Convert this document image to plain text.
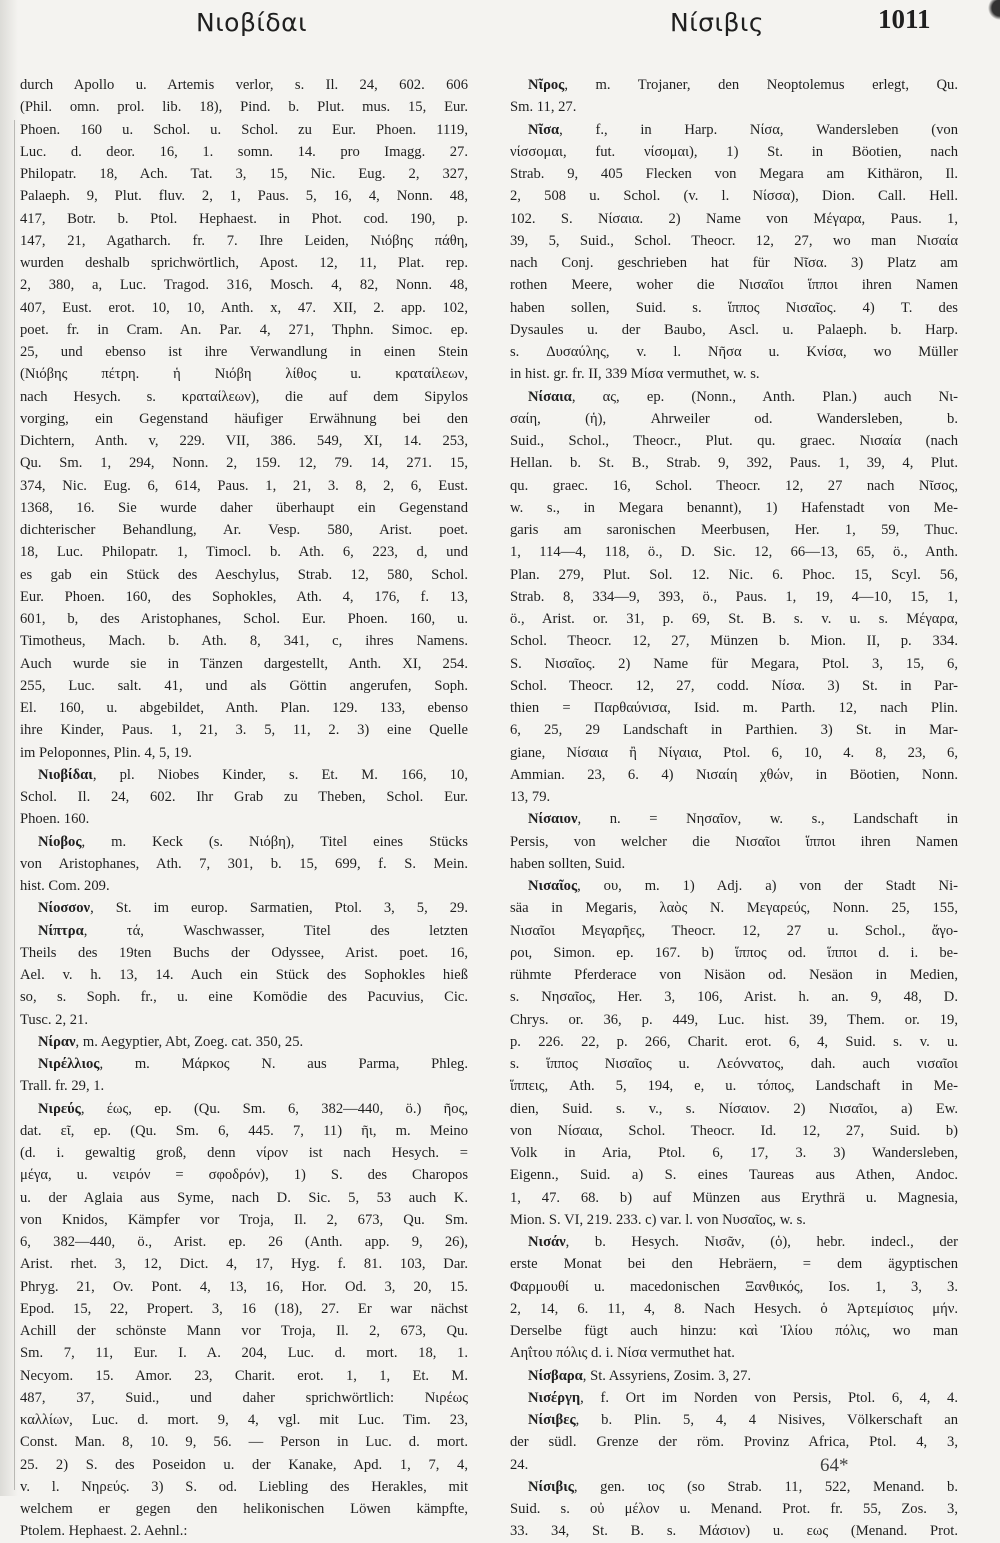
Νιοβίδαι	Νίσιβις	1011
durch Apollo u. Artemis verlor, s. Il. 24, 602. 606
(Phil. omn. prol. lib. 18), Pind. b. Plut. mus. 15, Eur.
Phoen. 160 u. Schol. u. Schol. zu Eur. Phoen. 1119,
Luc. d. deor. 16, 1. somn. 14. pro Imagg. 27.
Philopatr. 18, Ach. Tat. 3, 15, Nic. Eug. 2, 327,
Palaeph. 9, Plut. fluv. 2, 1, Paus. 5, 16, 4, Nonn. 48,
417, Botr. b. Ptol. Hephaest. in Phot. cod. 190, p.
147, 21, Agatharch. fr. 7. Ihre Leiden, Νιόβης πάθη,
wurden deshalb sprichwörtlich, Apost. 12, 11, Plat. rep.
2, 380, a, Luc. Tragod. 316, Mosch. 4, 82, Nonn. 48,
407, Eust. erot. 10, 10, Anth. x, 47. XII, 2. app. 102,
poet. fr. in Cram. An. Par. 4, 271, Thphn. Simoc. ep.
25, und ebenso ist ihre Verwandlung in einen Stein
(Νιόβης πέτρη. ἡ Νιόβη λίθος u. κραταίλεων,
nach Hesych. s. κραταίλεων), die auf dem Sipylos
vorging, ein Gegenstand häufiger Erwähnung bei den
Dichtern, Anth. v, 229. VII, 386. 549, XI, 14. 253,
Qu. Sm. 1, 294, Nonn. 2, 159. 12, 79. 14, 271. 15,
374, Nic. Eug. 6, 614, Paus. 1, 21, 3. 8, 2, 6, Eust.
1368, 16. Sie wurde daher überhaupt ein Gegenstand
dichterischer Behandlung, Ar. Vesp. 580, Arist. poet.
18, Luc. Philopatr. 1, Timocl. b. Ath. 6, 223, d, und
es gab ein Stück des Aeschylus, Strab. 12, 580, Schol.
Eur. Phoen. 160, des Sophokles, Ath. 4, 176, f. 13,
601, b, des Aristophanes, Schol. Eur. Phoen. 160, u.
Timotheus, Mach. b. Ath. 8, 341, c, ihres Namens.
Auch wurde sie in Tänzen dargestellt, Anth. XI, 254.
255, Luc. salt. 41, und als Göttin angerufen, Soph.
El. 160, u. abgebildet, Anth. Plan. 129. 133, ebenso
ihre Kinder, Paus. 1, 21, 3. 5, 11, 2. 3) eine Quelle
im Peloponnes, Plin. 4, 5, 19.
Νιοβίδαι, pl. Niobes Kinder, s. Et. M. 166, 10,
Schol. Il. 24, 602. Ihr Grab zu Theben, Schol. Eur.
Phoen. 160.
Νίοβος, m. Keck (s. Νιόβη), Titel eines Stücks
von Aristophanes, Ath. 7, 301, b. 15, 699, f. S. Mein.
hist. Com. 209.
Νίοσσον, St. im europ. Sarmatien, Ptol. 3, 5, 29.
Νίπτρα, τά, Waschwasser, Titel des letzten
Theils des 19ten Buchs der Odyssee, Arist. poet. 16,
Ael. v. h. 13, 14. Auch ein Stück des Sophokles hieß
so, s. Soph. fr., u. eine Komödie des Pacuvius, Cic.
Tusc. 2, 21.
Νίραν, m. Aegyptier, Abt, Zoeg. cat. 350, 25.
Νιρέλλιος, m. Μάρκος Ν. aus Parma, Phleg.
Trall. fr. 29, 1.
Νιρεύς, έως, ep. (Qu. Sm. 6, 382—440, ö.) ῆος,
dat. εῖ, ep. (Qu. Sm. 6, 445. 7, 11) ῆι, m. Meino
(d. i. gewaltig groß, denn νίρον ist nach Hesych. =
μέγα, u. νειρόν = σφοδρόν), 1) S. des Charopos
u. der Aglaia aus Syme, nach D. Sic. 5, 53 auch K.
von Knidos, Kämpfer vor Troja, Il. 2, 673, Qu. Sm.
6, 382—440, ö., Arist. ep. 26 (Anth. app. 9, 26),
Arist. rhet. 3, 12, Dict. 4, 17, Hyg. f. 81. 103, Dar.
Phryg. 21, Ov. Pont. 4, 13, 16, Hor. Od. 3, 20, 15.
Epod. 15, 22, Propert. 3, 16 (18), 27. Er war nächst
Achill der schönste Mann vor Troja, Il. 2, 673, Qu.
Sm. 7, 11, Eur. I. A. 204, Luc. d. mort. 18, 1.
Necyom. 15. Amor. 23, Charit. erot. 1, 1, Et. M.
487, 37, Suid., und daher sprichwörtlich: Νιρέως
καλλίων, Luc. d. mort. 9, 4, vgl. mit Luc. Tim. 23,
Const. Man. 8, 10. 9, 56. — Person in Luc. d. mort.
25. 2) S. des Poseidon u. der Kanake, Apd. 1, 7, 4,
v. l. Νηρεύς. 3) S. od. Liebling des Herakles, mit
welchem er gegen den helikonischen Löwen kämpfte,
Ptolem. Hephaest. 2. Aehnl.:
Νῖρος, m. Trojaner, den Neoptolemus erlegt, Qu.
Sm. 11, 27.
Νῖσα, f., in Harp. Νίσα, Wandersleben (von
νίσσομαι, fut. νίσομαι), 1) St. in Böotien, nach
Strab. 9, 405 Flecken von Megara am Kithäron, Il.
2, 508 u. Schol. (v. l. Νίσσα), Dion. Call. Hell.
102. S. Νίσαια. 2) Name von Μέγαρα, Paus. 1,
39, 5, Suid., Schol. Theocr. 12, 27, wo man Νισαία
nach Conj. geschrieben hat für Νῖσα. 3) Platz am
rothen Meere, woher die Νισαῖοι ἵπποι ihren Namen
haben sollen, Suid. s. ἵππος Νισαῖος. 4) T. des
Dysaules u. der Baubo, Ascl. u. Palaeph. b. Harp.
s. Δυσαύλης, v. l. Νῆσα u. Κνίσα, wo Müller
in hist. gr. fr. II, 339 Μίσα vermuthet, w. s.
Νίσαια, ας, ep. (Nonn., Anth. Plan.) auch Νι-
σαίη, (ἡ), Ahrweiler od. Wandersleben, b.
Suid., Schol., Theocr., Plut. qu. graec. Νισαία (nach
Hellan. b. St. B., Strab. 9, 392, Paus. 1, 39, 4, Plut.
qu. graec. 16, Schol. Theocr. 12, 27 nach Νῖσος,
w. s., in Megara benannt), 1) Hafenstadt von Me-
garis am saronischen Meerbusen, Her. 1, 59, Thuc.
1, 114—4, 118, ö., D. Sic. 12, 66—13, 65, ö., Anth.
Plan. 279, Plut. Sol. 12. Nic. 6. Phoc. 15, Scyl. 56,
Strab. 8, 334—9, 393, ö., Paus. 1, 19, 4—10, 15, 1,
ö., Arist. or. 31, p. 69, St. B. s. v. u. s. Μέγαρα,
Schol. Theocr. 12, 27, Münzen b. Mion. II, p. 334.
S. Νισαῖος. 2) Name für Megara, Ptol. 3, 15, 6,
Schol. Theocr. 12, 27, codd. Νίσα. 3) St. in Par-
thien = Παρθαύνισα, Isid. m. Parth. 12, nach Plin.
6, 25, 29 Landschaft in Parthien. 3) St. in Mar-
giane, Νίσαια ἢ Νίγαια, Ptol. 6, 10, 4. 8, 23, 6,
Ammian. 23, 6. 4) Νισαίη χθών, in Böotien, Nonn.
13, 79.
Νίσαιον, n. = Νησαῖον, w. s., Landschaft in
Persis, von welcher die Νισαῖοι ἵπποι ihren Namen
haben sollten, Suid.
Νισαῖος, ου, m. 1) Adj. a) von der Stadt Ni-
säa in Megaris, λαὸς Ν. Μεγαρεύς, Nonn. 25, 155,
Νισαῖοι Μεγαρῆες, Theocr. 12, 27 u. Schol., ἄγο-
ροι, Simon. ep. 167. b) ἵππος od. ἵπποι d. i. be-
rühmte Pferderace von Nisäon od. Nesäon in Medien,
s. Νησαῖος, Her. 3, 106, Arist. h. an. 9, 48, D.
Chrys. or. 36, p. 449, Luc. hist. 39, Them. or. 19,
p. 226. 22, p. 266, Charit. erot. 6, 4, Suid. s. v. u.
s. ἵππος Νισαῖος u. Λεόννατος, dah. auch νισαῖοι
ἵππεις, Ath. 5, 194, e, u. τόπος, Landschaft in Me-
dien, Suid. s. v., s. Νίσαιον. 2) Νισαῖοι, a) Ew.
von Νίσαια, Schol. Theocr. Id. 12, 27, Suid. b)
Volk in Aria, Ptol. 6, 17, 3. 3) Wandersleben,
Eigenn., Suid. a) S. eines Taureas aus Athen, Andoc.
1, 47. 68. b) auf Münzen aus Erythrä u. Magnesia,
Mion. S. VI, 219. 233. c) var. l. von Νυσαῖος, w. s.
Νισάν, b. Hesych. Νισᾶν, (ὁ), hebr. indecl., der
erste Monat bei den Hebräern, = dem ägyptischen
Φαρμουθί u. macedonischen Ξανθικός, Ios. 1, 3, 3.
2, 14, 6. 11, 4, 8. Nach Hesych. ὁ Ἀρτεμίσιος μήν.
Derselbe fügt auch hinzu: καὶ Ἰλίου πόλις, wo man
Αηΐτου πόλις d. i. Νίσα vermuthet hat.
Νίσβαρα, St. Assyriens, Zosim. 3, 27.
Νισέργη, f. Ort im Norden von Persis, Ptol. 6, 4, 4.
Νίσιβες, b. Plin. 5, 4, 4 Nisives, Völkerschaft an
der südl. Grenze der röm. Provinz Africa, Ptol. 4, 3,
24.
Νίσιβις, gen. ιος (so Strab. 11, 522, Menand. b.
Suid. s. οὐ μέλον u. Menand. Prot. fr. 55, Zos. 3,
33. 34, St. B. s. Μάσιον) u. εως (Menand. Prot.
64*
